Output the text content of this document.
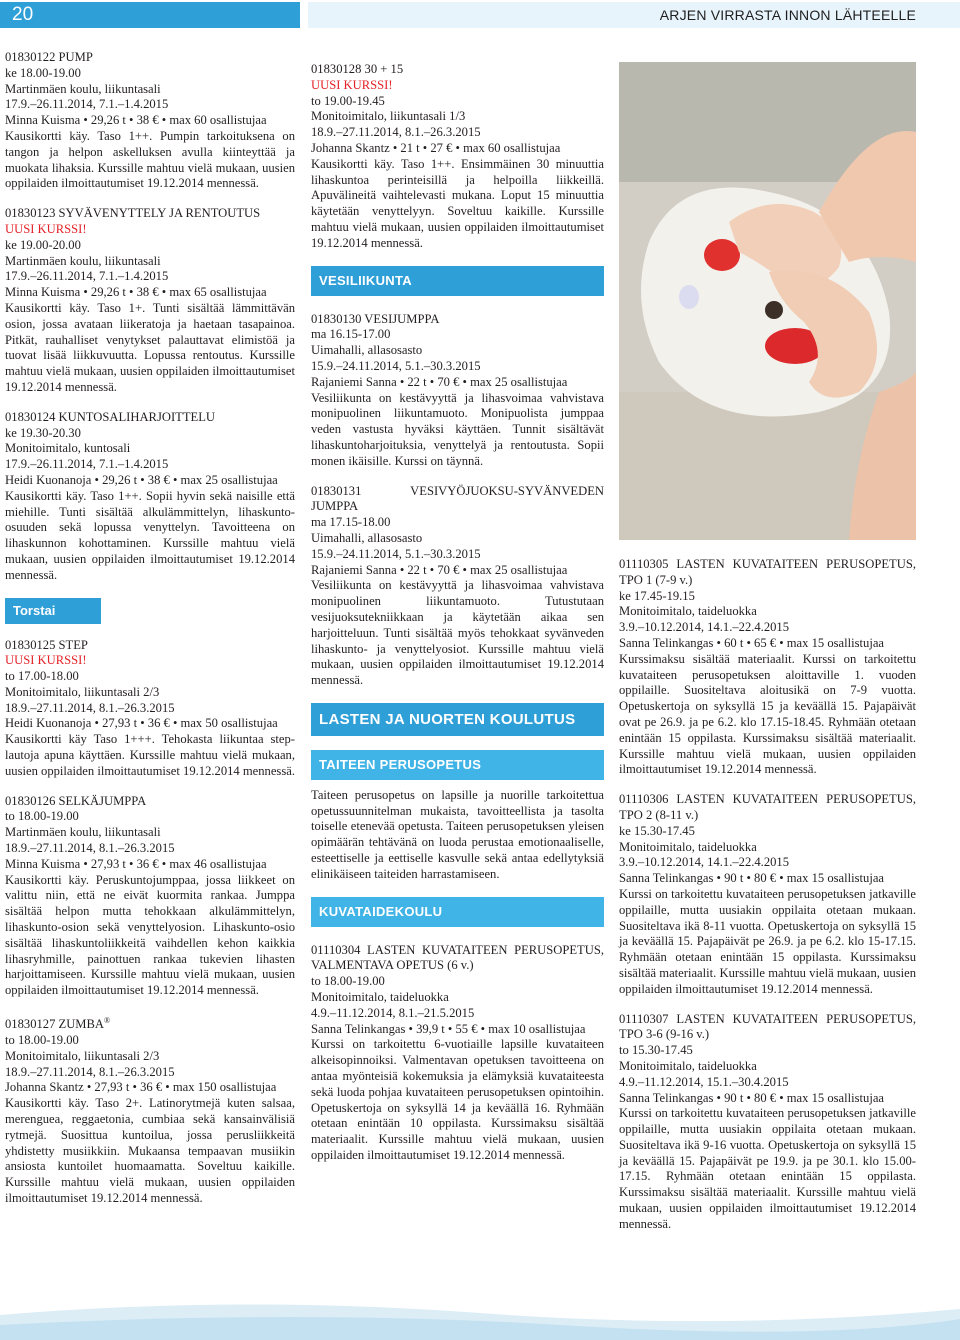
20	ARJEN VIRRASTA INNON LÄHTEELLE

01830122 PUMP

ke 18.00-19.00

Martinmäen koulu, liikuntasali

17.9.–26.11.2014, 7.1.–1.4.2015

Minna Kuisma • 29,26 t • 38 € • max 60 osallistujaa

Kausikortti käy. Taso 1++. Pumpin tarkoituksena on tangon ja helpon askelluksen avulla kiinteyttää ja muokata lihaksia. Kurssille mahtuu vielä mukaan, uusien oppilaiden ilmoittautumiset 19.12.2014 mennessä.

01830123 SYVÄVENYTTELY JA RENTOUTUS

UUSI KURSSI!

ke 19.00-20.00

Martinmäen koulu, liikuntasali

17.9.–26.11.2014, 7.1.–1.4.2015

Minna Kuisma • 29,26 t • 38 € • max 65 osallistujaa

Kausikortti käy. Taso 1+. Tunti sisältää lämmittävän osion, jossa avataan liikeratoja ja haetaan tasapainoa. Pitkät, rauhalliset venytykset palauttavat elimistöä ja tuovat lisää liikkuvuutta. Lopussa rentoutus. Kurssille mahtuu vielä mukaan, uusien oppilaiden ilmoittautumiset 19.12.2014 mennessä.

01830124 KUNTOSALIHARJOITTELU

ke 19.30-20.30

Monitoimitalo, kuntosali

17.9.–26.11.2014, 7.1.–1.4.2015

Heidi Kuonanoja • 29,26 t • 38 € • max 25 osallistujaa

Kausikortti käy. Taso 1++. Sopii hyvin sekä naisille että miehille. Tunti sisältää alkulämmittelyn, lihaskunto-osuuden sekä lopussa venyttelyn. Tavoitteena on lihaskunnon kohottaminen. Kurssille mahtuu vielä mukaan, uusien oppilaiden ilmoittautumiset 19.12.2014 mennessä.

Torstai

01830125 STEP

UUSI KURSSI!

to 17.00-18.00

Monitoimitalo, liikuntasali 2/3

18.9.–27.11.2014, 8.1.–26.3.2015

Heidi Kuonanoja • 27,93 t • 36 € • max 50 osallistujaa

Kausikortti käy Taso 1+++. Tehokasta liikuntaa step- lautoja apuna käyttäen. Kurssille mahtuu vielä mukaan, uusien oppilaiden ilmoittautumiset 19.12.2014 mennessä.

01830126 SELKÄJUMPPA

to 18.00-19.00

Martinmäen koulu, liikuntasali

18.9.–27.11.2014, 8.1.–26.3.2015

Minna Kuisma • 27,93 t • 36 € • max 46 osallistujaa

Kausikortti käy. Peruskuntojumppaa, jossa liikkeet on valittu niin, että ne eivät kuormita rankaa. Jumppa sisältää helpon mutta tehokkaan alkulämmittelyn, lihaskunto-osion sekä venyttelyosion. Lihaskunto-osio sisältää lihaskuntoliikkeitä vaihdellen kehon kaikkia lihasryhmille, painottuen rankaa tukevien lihasten harjoittamiseen. Kurssille mahtuu vielä mukaan, uusien oppilaiden ilmoittautumiset 19.12.2014 mennessä.

01830127 ZUMBA®

to 18.00-19.00

Monitoimitalo, liikuntasali 2/3

18.9.–27.11.2014, 8.1.–26.3.2015

Johanna Skantz • 27,93 t • 36 € • max 150 osallistujaa

Kausikortti käy. Taso 2+. Latinorytmejä kuten salsaa, merenguea, reggaetonia, cumbiaa sekä kansainvälisiä rytmejä. Suosittua kuntoilua, jossa perusliikkeitä yhdistetty musiikkiin. Mukaansa tempaavan musiikin ansiosta kuntoilet huomaamatta. Soveltuu kaikille. Kurssille mahtuu vielä mukaan, uusien oppilaiden ilmoittautumiset 19.12.2014 mennessä.

01830128 30 + 15

UUSI KURSSI!

to 19.00-19.45

Monitoimitalo, liikuntasali 1/3

18.9.–27.11.2014, 8.1.–26.3.2015

Johanna Skantz • 21 t • 27 € • max 60 osallistujaa

Kausikortti käy. Taso 1++. Ensimmäinen 30 minuuttia lihaskuntoa perinteisillä ja helpoilla liikkeillä. Apuvälineitä vaihtelevasti mukana. Loput 15 minuuttia käytetään venyttelyyn. Soveltuu kaikille. Kurssille mahtuu vielä mukaan, uusien oppilaiden ilmoittautumiset 19.12.2014 mennessä.

VESILIIKUNTA

01830130 VESIJUMPPA

ma 16.15-17.00

Uimahalli, allasosasto

15.9.–24.11.2014, 5.1.–30.3.2015

Rajaniemi Sanna • 22 t • 70 € • max 25 osallistujaa

Vesiliikunta on kestävyyttä ja lihasvoimaa vahvistava monipuolinen liikuntamuoto. Monipuolista jumppaa veden vastusta hyväksi käyttäen. Tunnit sisältävät lihaskuntoharjoituksia, venyttelyä ja rentoutusta. Sopii monen ikäisille. Kurssi on täynnä.

01830131 VESIVYÖJUOKSU-SYVÄNVEDEN JUMPPA

ma 17.15-18.00

Uimahalli, allasosasto

15.9.–24.11.2014, 5.1.–30.3.2015

Rajaniemi Sanna • 22 t • 70 € • max 25 osallistujaa

Vesiliikunta on kestävyyttä ja lihasvoimaa vahvistava monipuolinen liikuntamuoto. Tutustutaan vesijuoksutekniikkaan ja käytetään aikaa sen harjoitteluun. Tunti sisältää myös tehokkaat syvänveden lihaskunto- ja venyttelyosiot. Kurssille mahtuu vielä mukaan, uusien oppilaiden ilmoittautumiset 19.12.2014 mennessä.

LASTEN JA NUORTEN KOULUTUS
TAITEEN PERUSOPETUS

Taiteen perusopetus on lapsille ja nuorille tarkoitettua opetussuunnitelman mukaista, tavoitteellista ja tasolta toiselle etenevää opetusta. Taiteen perusopetuksen yleisen opimäärän tehtävänä on luoda perustaa emotionaaliselle, esteettiselle ja eettiselle kasvulle sekä antaa edellytyksiä elinikäiseen taiteiden harrastamiseen.

KUVATAIDEKOULU

01110304 LASTEN KUVATAITEEN PERUSOPETUS, VALMENTAVA OPETUS (6 v.)

to 18.00-19.00

Monitoimitalo, taideluokka

4.9.–11.12.2014, 8.1.–21.5.2015

Sanna Telinkangas • 39,9 t • 55 € • max 10 osallistujaa

Kurssi on tarkoitettu 6-vuotiaille lapsille kuvataiteen alkeisopinnoiksi. Valmentavan opetuksen tavoitteena on antaa myönteisiä kokemuksia ja elämyksiä kuvataiteesta sekä luoda pohjaa kuvataiteen perusopetuksen opintoihin. Opetuskertoja on syksyllä 14 ja keväällä 16. Ryhmään otetaan enintään 10 oppilasta. Kurssimaksu sisältää materiaalit. Kurssille mahtuu vielä mukaan, uusien oppilaiden ilmoittautumiset 19.12.2014 mennessä.

01110305 LASTEN KUVATAITEEN PERUSOPETUS, TPO 1 (7-9 v.)

ke 17.45-19.15

Monitoimitalo, taideluokka

3.9.–10.12.2014, 14.1.–22.4.2015

Sanna Telinkangas • 60 t • 65 € • max 15 osallistujaa

Kurssimaksu sisältää materiaalit. Kurssi on tarkoitettu kuvataiteen perusopetuksen aloittaville 1. vuoden oppilaille. Suositeltava aloitusikä on 7-9 vuotta. Opetuskertoja on syksyllä 15 ja keväällä 15. Pajapäivät ovat pe 26.9. ja pe 6.2. klo 17.15-18.45. Ryhmään otetaan enintään 15 oppilasta. Kurssimaksu sisältää materiaalit. Kurssille mahtuu vielä mukaan, uusien oppilaiden ilmoittautumiset 19.12.2014 mennessä.

01110306 LASTEN KUVATAITEEN PERUSOPETUS, TPO 2 (8-11 v.)

ke 15.30-17.45

Monitoimitalo, taideluokka

3.9.–10.12.2014, 14.1.–22.4.2015

Sanna Telinkangas • 90 t • 80 € • max 15 osallistujaa

Kurssi on tarkoitettu kuvataiteen perusopetuksen jatkaville oppilaille, mutta uusiakin oppilaita otetaan mukaan. Suositeltava ikä 8-11 vuotta. Opetuskertoja on syksyllä 15 ja keväällä 15. Pajapäivät pe 26.9. ja pe 6.2. klo 15-17.15. Ryhmään otetaan enintään 15 oppilasta. Kurssimaksu sisältää materiaalit. Kurssille mahtuu vielä mukaan, uusien oppilaiden ilmoittautumiset 19.12.2014 mennessä.

01110307 LASTEN KUVATAITEEN PERUSOPETUS, TPO 3-6 (9-16 v.)

to 15.30-17.45

Monitoimitalo, taideluokka

4.9.–11.12.2014, 15.1.–30.4.2015

Sanna Telinkangas • 90 t • 80 € • max 15 osallistujaa

Kurssi on tarkoitettu kuvataiteen perusopetuksen jatkaville oppilaille, mutta uusiakin oppilaita otetaan mukaan. Suositeltava ikä 9-16 vuotta. Opetuskertoja on syksyllä 15 ja keväällä 15. Pajapäivät pe 19.9. ja pe 30.1. klo 15.00-17.15. Ryhmään otetaan enintään 15 oppilasta. Kurssimaksu sisältää materiaalit. Kurssille mahtuu vielä mukaan, uusien oppilaiden ilmoittautumiset 19.12.2014 mennessä.
